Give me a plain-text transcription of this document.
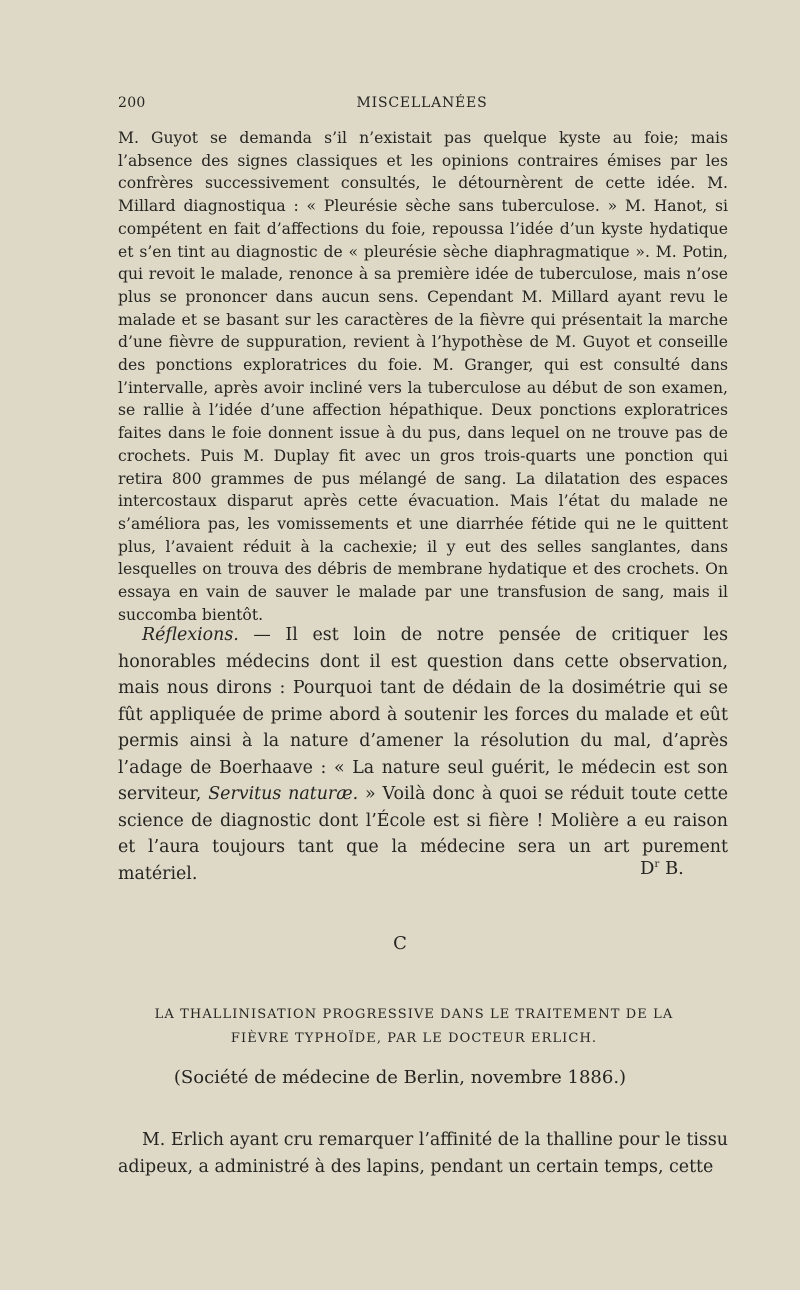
200	MISCELLANÉES

M. Guyot se demanda s’il n’existait pas quelque kyste au foie; mais l’absence des signes classiques et les opinions contraires émises par les confrères successivement consultés, le détournèrent de cette idée. M. Millard diagnostiqua : « Pleurésie sèche sans tuberculose. » M. Hanot, si compétent en fait d’affections du foie, repoussa l’idée d’un kyste hydatique et s’en tint au diagnostic de « pleurésie sèche diaphragmatique ». M. Potin, qui revoit le malade, renonce à sa première idée de tuberculose, mais n’ose plus se prononcer dans aucun sens. Cependant M. Millard ayant revu le malade et se basant sur les caractères de la fièvre qui présentait la marche d’une fièvre de suppuration, revient à l’hypothèse de M. Guyot et conseille des ponctions exploratrices du foie. M. Granger, qui est consulté dans l’intervalle, après avoir incliné vers la tuberculose au début de son examen, se rallie à l’idée d’une affection hépathique. Deux ponctions exploratrices faites dans le foie donnent issue à du pus, dans lequel on ne trouve pas de crochets. Puis M. Duplay fit avec un gros trois-quarts une ponction qui retira 800 grammes de pus mélangé de sang. La dilatation des espaces intercostaux disparut après cette évacuation. Mais l’état du malade ne s’améliora pas, les vomissements et une diarrhée fétide qui ne le quittent plus, l’avaient réduit à la cachexie; il y eut des selles sanglantes, dans lesquelles on trouva des débris de membrane hydatique et des crochets. On essaya en vain de sauver le malade par une transfusion de sang, mais il succomba bientôt.

Réflexions. — Il est loin de notre pensée de critiquer les honorables médecins dont il est question dans cette observation, mais nous dirons : Pourquoi tant de dédain de la dosimétrie qui se fût appliquée de prime abord à soutenir les forces du malade et eût permis ainsi à la nature d’amener la résolution du mal, d’après l’adage de Boerhaave : « La nature seul guérit, le médecin est son serviteur, Servitus naturæ. » Voilà donc à quoi se réduit toute cette science de diagnostic dont l’École est si fière ! Molière a eu raison et l’aura toujours tant que la médecine sera un art purement matériel.	$D^r$ B.
C
LA THALLINISATION PROGRESSIVE DANS LE TRAITEMENT DE LA FIÈVRE TYPHOÏDE, PAR LE DOCTEUR ERLICH.
(Société de médecine de Berlin, novembre 1886.)

M. Erlich ayant cru remarquer l’affinité de la thalline pour le tissu adipeux, a administré à des lapins, pendant un certain temps, cette
